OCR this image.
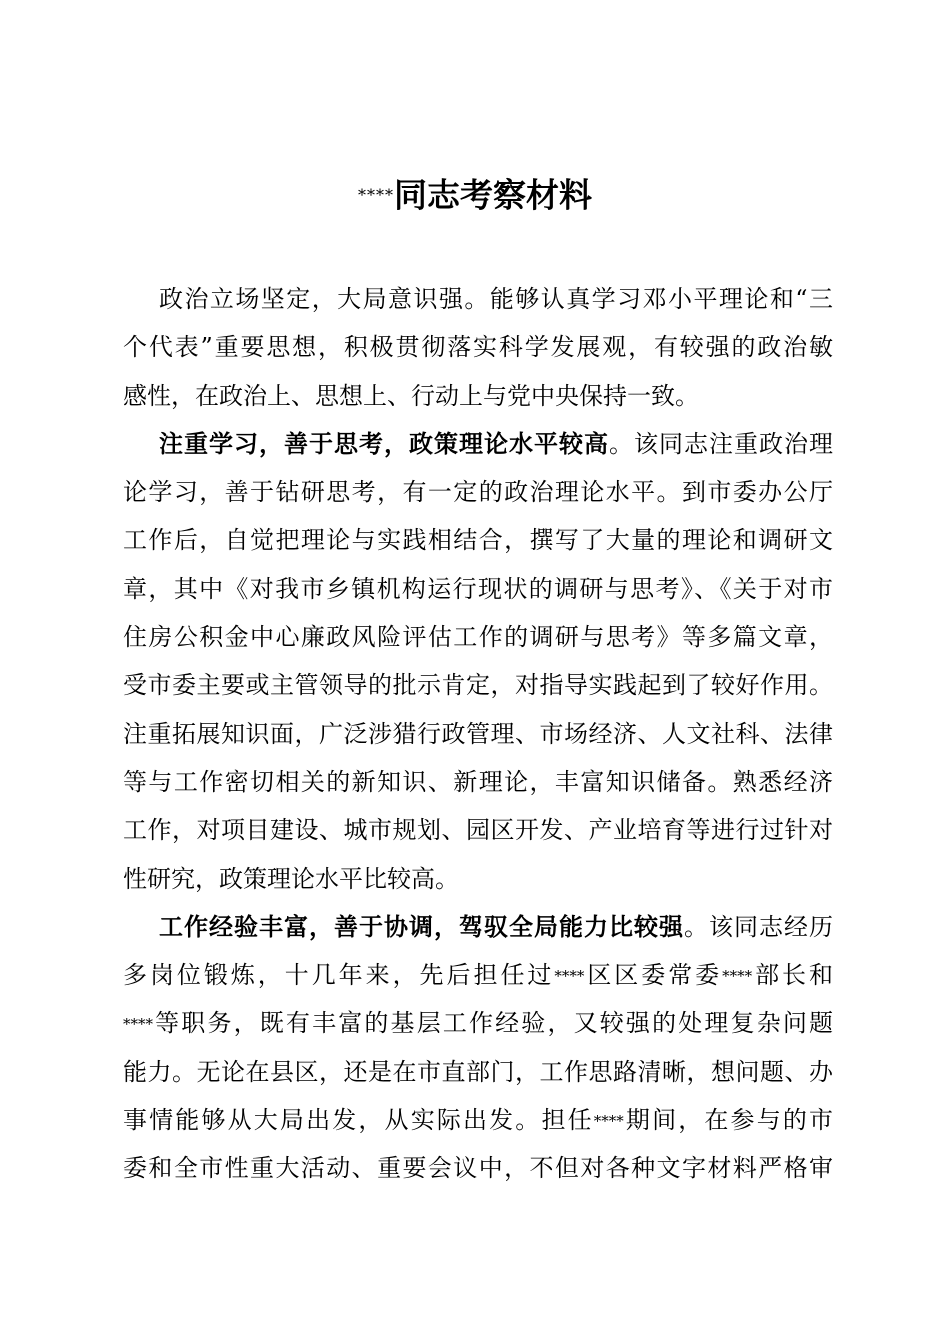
****同志考察材料
政治立场坚定，大局意识强。能够认真学习邓小平理论和“三
个代表”重要思想，积极贯彻落实科学发展观，有较强的政治敏
感性，在政治上、思想上、行动上与党中央保持一致。
注重学习，善于思考，政策理论水平较高。该同志注重政治理
论学习，善于钻研思考，有一定的政治理论水平。到市委办公厅
工作后，自觉把理论与实践相结合，撰写了大量的理论和调研文
章，其中《对我市乡镇机构运行现状的调研与思考》、《关于对市
住房公积金中心廉政风险评估工作的调研与思考》等多篇文章，
受市委主要或主管领导的批示肯定，对指导实践起到了较好作用。
注重拓展知识面，广泛涉猎行政管理、市场经济、人文社科、法律
等与工作密切相关的新知识、新理论，丰富知识储备。熟悉经济
工作，对项目建设、城市规划、园区开发、产业培育等进行过针对
性研究，政策理论水平比较高。
工作经验丰富，善于协调，驾驭全局能力比较强。该同志经历
多岗位锻炼，十几年来，先后担任过****区区委常委****部长和
****等职务，既有丰富的基层工作经验，又较强的处理复杂问题
能力。无论在县区，还是在市直部门，工作思路清晰，想问题、办
事情能够从大局出发，从实际出发。担任****期间，在参与的市
委和全市性重大活动、重要会议中，不但对各种文字材料严格审
